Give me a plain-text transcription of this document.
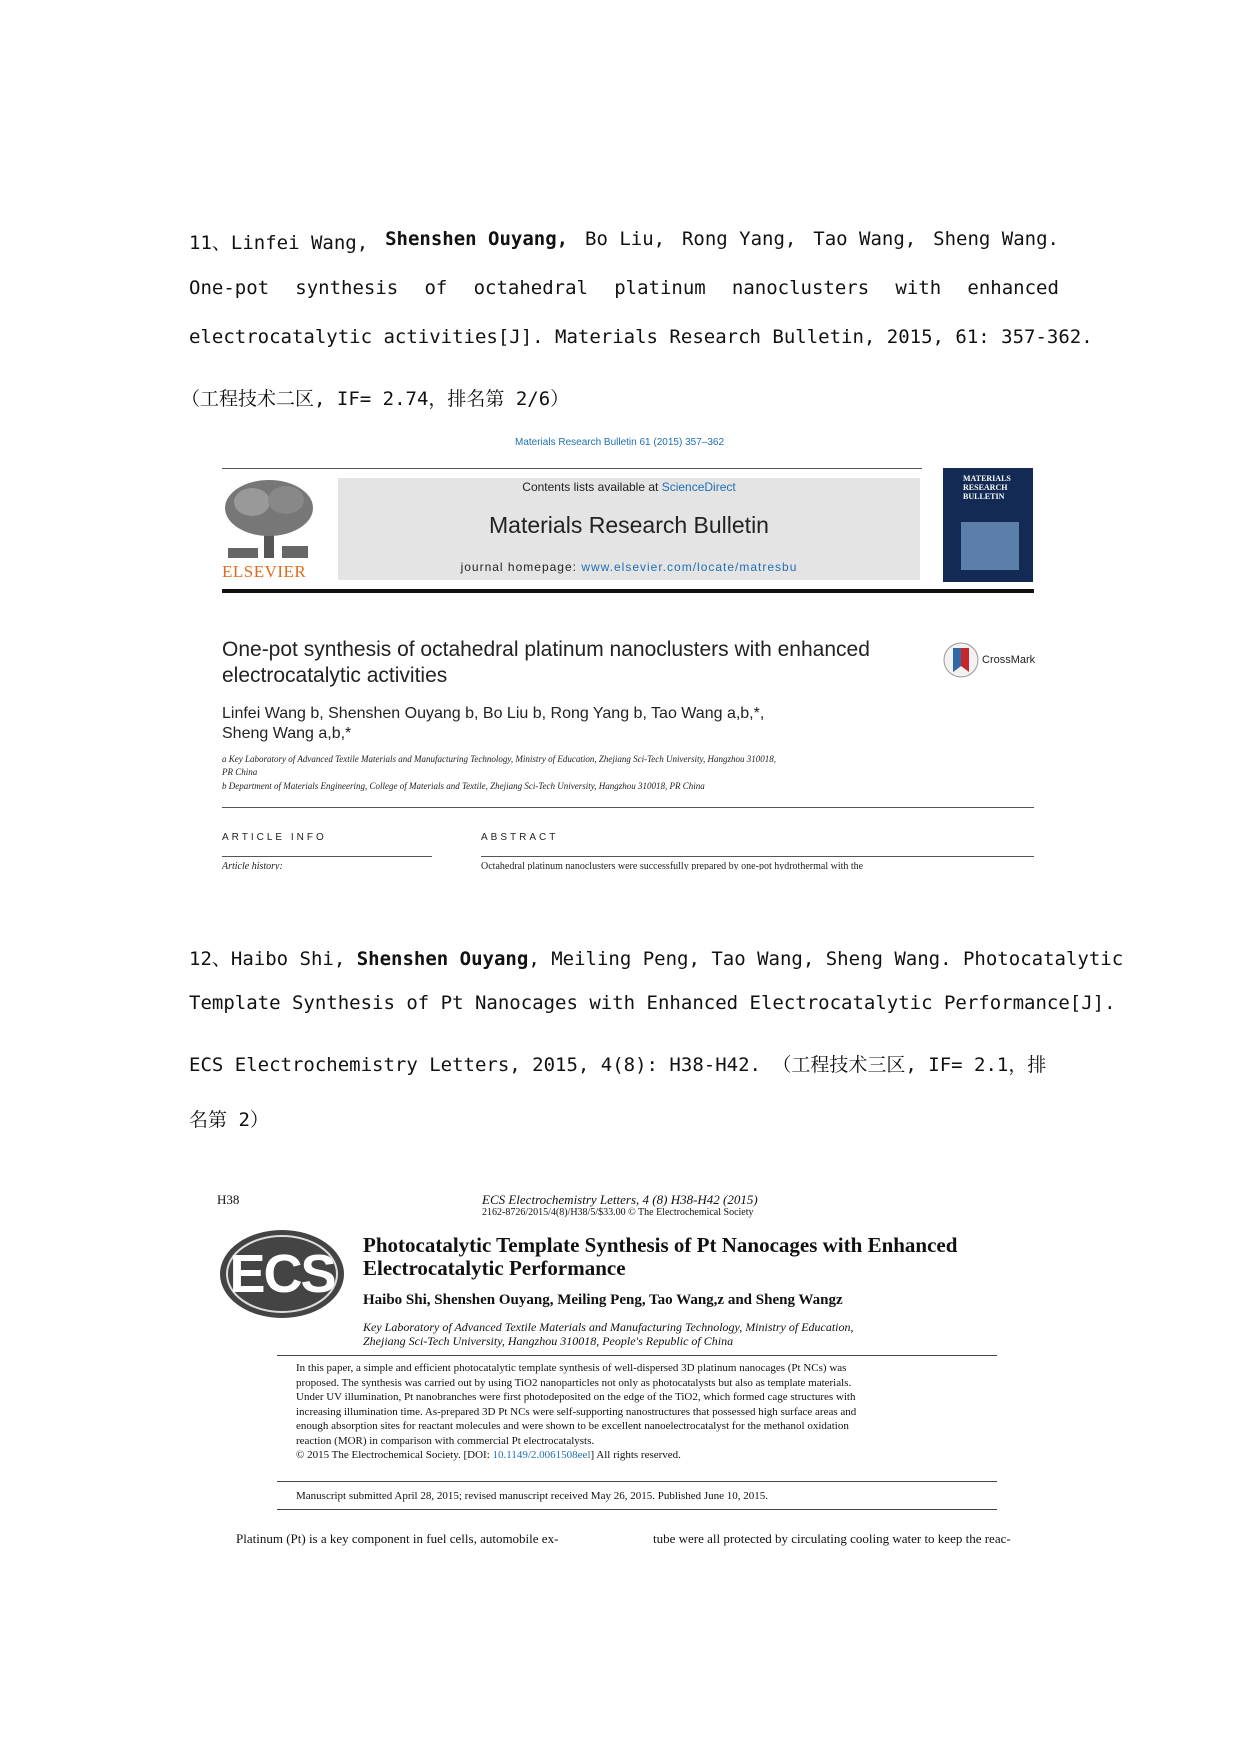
11、Linfei Wang, Shenshen Ouyang, Bo Liu, Rong Yang, Tao Wang, Sheng Wang.
One-pot synthesis of octahedral platinum nanoclusters with enhanced
electrocatalytic activities[J]. Materials Research Bulletin, 2015, 61: 357-362.
（工程技术二区, IF= 2.74，排名第 2/6）
Materials Research Bulletin 61 (2015) 357–362
ELSEVIER
Contents lists available at ScienceDirect
Materials Research Bulletin
journal homepage: www.elsevier.com/locate/matresbu
MATERIALS RESEARCH BULLETIN
One-pot synthesis of octahedral platinum nanoclusters with enhanced
electrocatalytic activities
CrossMark
Linfei Wang b, Shenshen Ouyang b, Bo Liu b, Rong Yang b, Tao Wang a,b,*,
Sheng Wang a,b,*
a Key Laboratory of Advanced Textile Materials and Manufacturing Technology, Ministry of Education, Zhejiang Sci-Tech University, Hangzhou 310018,
PR China
b Department of Materials Engineering, College of Materials and Textile, Zhejiang Sci-Tech University, Hangzhou 310018, PR China
ARTICLE INFO	ABSTRACT
Article history:	Octahedral platinum nanoclusters were successfully prepared by one-pot hydrothermal with the
12、Haibo Shi, Shenshen Ouyang, Meiling Peng, Tao Wang, Sheng Wang. Photocatalytic
Template Synthesis of Pt Nanocages with Enhanced Electrocatalytic Performance[J].
ECS Electrochemistry Letters, 2015, 4(8): H38-H42. （工程技术三区, IF= 2.1，排
名第 2）
H38	ECS Electrochemistry Letters, 4 (8) H38-H42 (2015)
2162-8726/2015/4(8)/H38/5/$33.00 © The Electrochemical Society
ECS	Photocatalytic Template Synthesis of Pt Nanocages with Enhanced
Electrocatalytic Performance
Haibo Shi, Shenshen Ouyang, Meiling Peng, Tao Wang,z and Sheng Wangz
Key Laboratory of Advanced Textile Materials and Manufacturing Technology, Ministry of Education,
Zhejiang Sci-Tech University, Hangzhou 310018, People's Republic of China
In this paper, a simple and efficient photocatalytic template synthesis of well-dispersed 3D platinum nanocages (Pt NCs) was
proposed. The synthesis was carried out by using TiO2 nanoparticles not only as photocatalysts but also as template materials.
Under UV illumination, Pt nanobranches were first photodeposited on the edge of the TiO2, which formed cage structures with
increasing illumination time. As-prepared 3D Pt NCs were self-supporting nanostructures that possessed high surface areas and
enough absorption sites for reactant molecules and were shown to be excellent nanoelectrocatalyst for the methanol oxidation
reaction (MOR) in comparison with commercial Pt electrocatalysts.
© 2015 The Electrochemical Society. [DOI: 10.1149/2.0061508eel] All rights reserved.
Manuscript submitted April 28, 2015; revised manuscript received May 26, 2015. Published June 10, 2015.
Platinum (Pt) is a key component in fuel cells, automobile ex-	tube were all protected by circulating cooling water to keep the reac-
